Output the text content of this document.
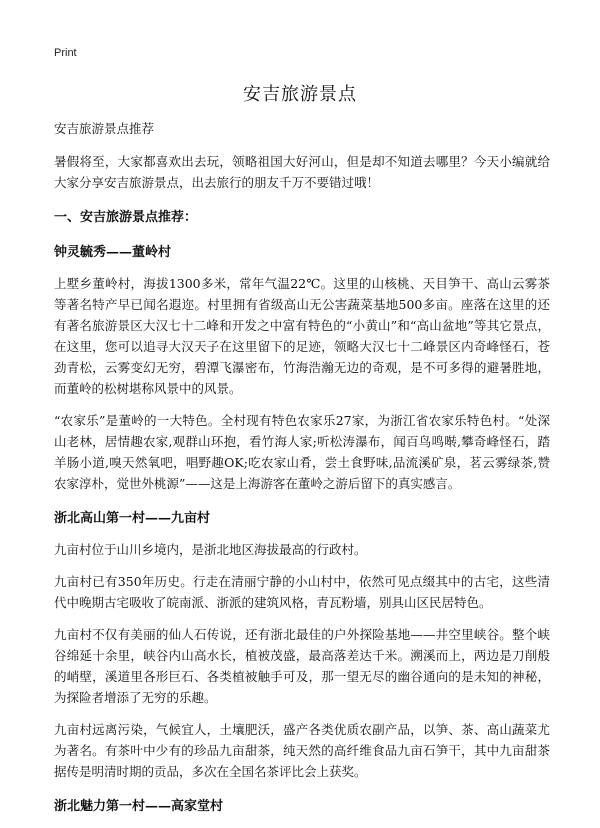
Print
安吉旅游景点

安吉旅游景点推荐

暑假将至，大家都喜欢出去玩，领略祖国大好河山，但是却不知道去哪里？今天小编就给大家分享安吉旅游景点，出去旅行的朋友千万不要错过哦！

一、安吉旅游景点推荐：
钟灵毓秀——董岭村

上墅乡董岭村，海拔1300多米，常年气温22℃。这里的山核桃、天目笋干、高山云雾茶等著名特产早已闻名遐迩。村里拥有省级高山无公害蔬菜基地500多亩。座落在这里的还有著名旅游景区大汉七十二峰和开发之中富有特色的“小黄山”和“高山盆地”等其它景点，在这里，您可以追寻大汉天子在这里留下的足迹，领略大汉七十二峰景区内奇峰怪石，苍劲青松，云雾变幻无穷，碧潭飞瀑密布，竹海浩瀚无边的奇观，是不可多得的避暑胜地，而董岭的松树堪称风景中的风景。

“农家乐”是董岭的一大特色。全村现有特色农家乐27家，为浙江省农家乐特色村。“处深山老林，居情趣农家,观群山环抱，看竹海人家;听松涛瀑布，闻百鸟鸣啭,攀奇峰怪石，踏羊肠小道,嗅天然氧吧，唱野趣OK;吃农家山肴，尝土食野味,品流溪矿泉，茗云雾绿茶,赞农家淳朴，觉世外桃源”——这是上海游客在董岭之游后留下的真实感言。

浙北高山第一村——九亩村

九亩村位于山川乡境内，是浙北地区海拔最高的行政村。

九亩村已有350年历史。行走在清丽宁静的小山村中，依然可见点缀其中的古宅，这些清代中晚期古宅吸收了皖南派、浙派的建筑风格，青瓦粉墙，别具山区民居特色。

九亩村不仅有美丽的仙人石传说，还有浙北最佳的户外探险基地——井空里峡谷。整个峡谷绵延十余里，峡谷内山高水长，植被茂盛，最高落差达千米。溯溪而上，两边是刀削般的峭壁，溪道里各形巨石、各类植被触手可及，那一望无尽的幽谷通向的是未知的神秘，为探险者增添了无穷的乐趣。

九亩村远离污染，气候宜人，土壤肥沃，盛产各类优质农副产品，以笋、茶、高山蔬菜尤为著名。有茶叶中少有的珍品九亩甜茶，纯天然的高纤维食品九亩石笋干，其中九亩甜茶据传是明清时期的贡品，多次在全国名茶评比会上获奖。

浙北魅力第一村——高家堂村
